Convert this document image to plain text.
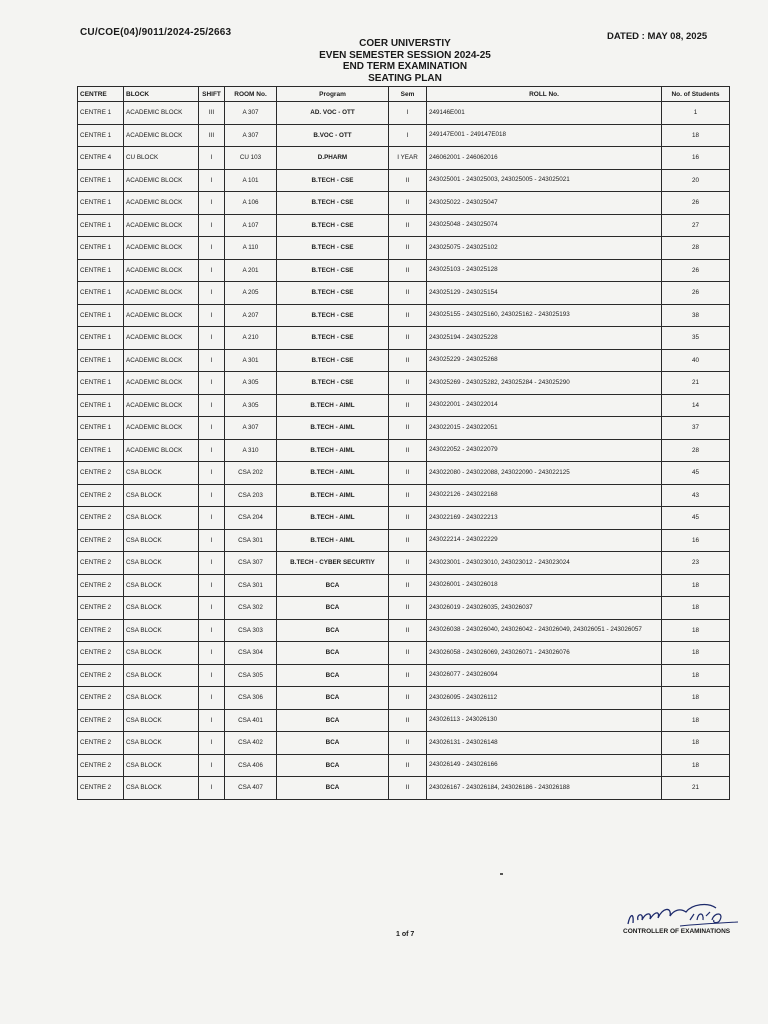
CU/COE(04)/9011/2024-25/2663	DATED : MAY 08, 2025
COER UNIVERSTIY
EVEN SEMESTER SESSION 2024-25
END TERM EXAMINATION
SEATING PLAN
CENTRE	BLOCK	SHIFT	ROOM No.	Program	Sem	ROLL No.	No. of Students
CENTRE 1	ACADEMIC BLOCK	III	A 307	AD. VOC - OTT	I	249146E001	1
CENTRE 1	ACADEMIC BLOCK	III	A 307	B.VOC - OTT	I	249147E001 - 249147E018	18
CENTRE 4	CU BLOCK	I	CU 103	D.PHARM	I YEAR	246062001 - 246062016	16
CENTRE 1	ACADEMIC BLOCK	I	A 101	B.TECH - CSE	II	243025001 - 243025003, 243025005 - 243025021	20
CENTRE 1	ACADEMIC BLOCK	I	A 106	B.TECH - CSE	II	243025022 - 243025047	26
CENTRE 1	ACADEMIC BLOCK	I	A 107	B.TECH - CSE	II	243025048 - 243025074	27
CENTRE 1	ACADEMIC BLOCK	I	A 110	B.TECH - CSE	II	243025075 - 243025102	28
CENTRE 1	ACADEMIC BLOCK	I	A 201	B.TECH - CSE	II	243025103 - 243025128	26
CENTRE 1	ACADEMIC BLOCK	I	A 205	B.TECH - CSE	II	243025129 - 243025154	26
CENTRE 1	ACADEMIC BLOCK	I	A 207	B.TECH - CSE	II	243025155 - 243025160, 243025162 - 243025193	38
CENTRE 1	ACADEMIC BLOCK	I	A 210	B.TECH - CSE	II	243025194 - 243025228	35
CENTRE 1	ACADEMIC BLOCK	I	A 301	B.TECH - CSE	II	243025229 - 243025268	40
CENTRE 1	ACADEMIC BLOCK	I	A 305	B.TECH - CSE	II	243025269 - 243025282, 243025284 - 243025290	21
CENTRE 1	ACADEMIC BLOCK	I	A 305	B.TECH - AIML	II	243022001 - 243022014	14
CENTRE 1	ACADEMIC BLOCK	I	A 307	B.TECH - AIML	II	243022015 - 243022051	37
CENTRE 1	ACADEMIC BLOCK	I	A 310	B.TECH - AIML	II	243022052 - 243022079	28
CENTRE 2	CSA BLOCK	I	CSA 202	B.TECH - AIML	II	243022080 - 243022088, 243022090 - 243022125	45
CENTRE 2	CSA BLOCK	I	CSA 203	B.TECH - AIML	II	243022126 - 243022168	43
CENTRE 2	CSA BLOCK	I	CSA 204	B.TECH - AIML	II	243022169 - 243022213	45
CENTRE 2	CSA BLOCK	I	CSA 301	B.TECH - AIML	II	243022214 - 243022229	16
CENTRE 2	CSA BLOCK	I	CSA 307	B.TECH - CYBER SECURTIY	II	243023001 - 243023010, 243023012 - 243023024	23
CENTRE 2	CSA BLOCK	I	CSA 301	BCA	II	243026001 - 243026018	18
CENTRE 2	CSA BLOCK	I	CSA 302	BCA	II	243026019 - 243026035, 243026037	18
CENTRE 2	CSA BLOCK	I	CSA 303	BCA	II	243026038 - 243026040, 243026042 - 243026049, 243026051 - 243026057	18
CENTRE 2	CSA BLOCK	I	CSA 304	BCA	II	243026058 - 243026069, 243026071 - 243026076	18
CENTRE 2	CSA BLOCK	I	CSA 305	BCA	II	243026077 - 243026094	18
CENTRE 2	CSA BLOCK	I	CSA 306	BCA	II	243026095 - 243026112	18
CENTRE 2	CSA BLOCK	I	CSA 401	BCA	II	243026113 - 243026130	18
CENTRE 2	CSA BLOCK	I	CSA 402	BCA	II	243026131 - 243026148	18
CENTRE 2	CSA BLOCK	I	CSA 406	BCA	II	243026149 - 243026166	18
CENTRE 2	CSA BLOCK	I	CSA 407	BCA	II	243026167 - 243026184, 243026186 - 243026188	21
1 of 7	CONTROLLER OF EXAMINATIONS
